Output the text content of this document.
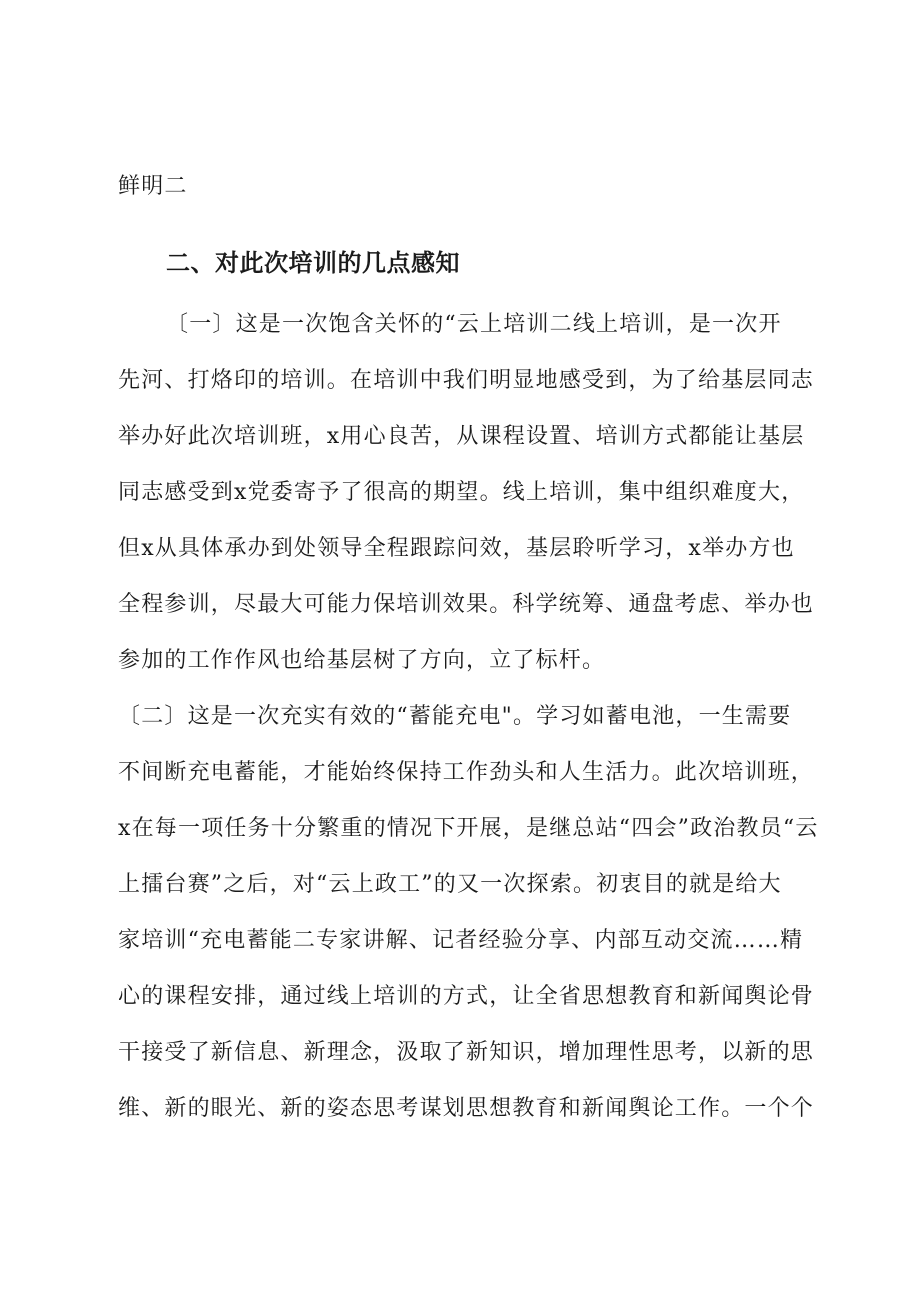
鲜明二
二、对此次培训的几点感知
〔一〕这是一次饱含关怀的“云上培训二线上培训，是一次开
先河、打烙印的培训。在培训中我们明显地感受到，为了给基层同志
举办好此次培训班，x用心良苦，从课程设置、培训方式都能让基层
同志感受到x党委寄予了很高的期望。线上培训，集中组织难度大，
但x从具体承办到处领导全程跟踪问效，基层聆听学习，x举办方也
全程参训，尽最大可能力保培训效果。科学统筹、通盘考虑、举办也
参加的工作作风也给基层树了方向，立了标杆。
〔二〕这是一次充实有效的“蓄能充电"。学习如蓄电池，一生需要
不间断充电蓄能，才能始终保持工作劲头和人生活力。此次培训班，
x在每一项任务十分繁重的情况下开展，是继总站“四会”政治教员“云
上擂台赛”之后，对“云上政工”的又一次探索。初衷目的就是给大
家培训“充电蓄能二专家讲解、记者经验分享、内部互动交流……精
心的课程安排，通过线上培训的方式，让全省思想教育和新闻舆论骨
干接受了新信息、新理念，汲取了新知识，增加理性思考，以新的思
维、新的眼光、新的姿态思考谋划思想教育和新闻舆论工作。一个个
